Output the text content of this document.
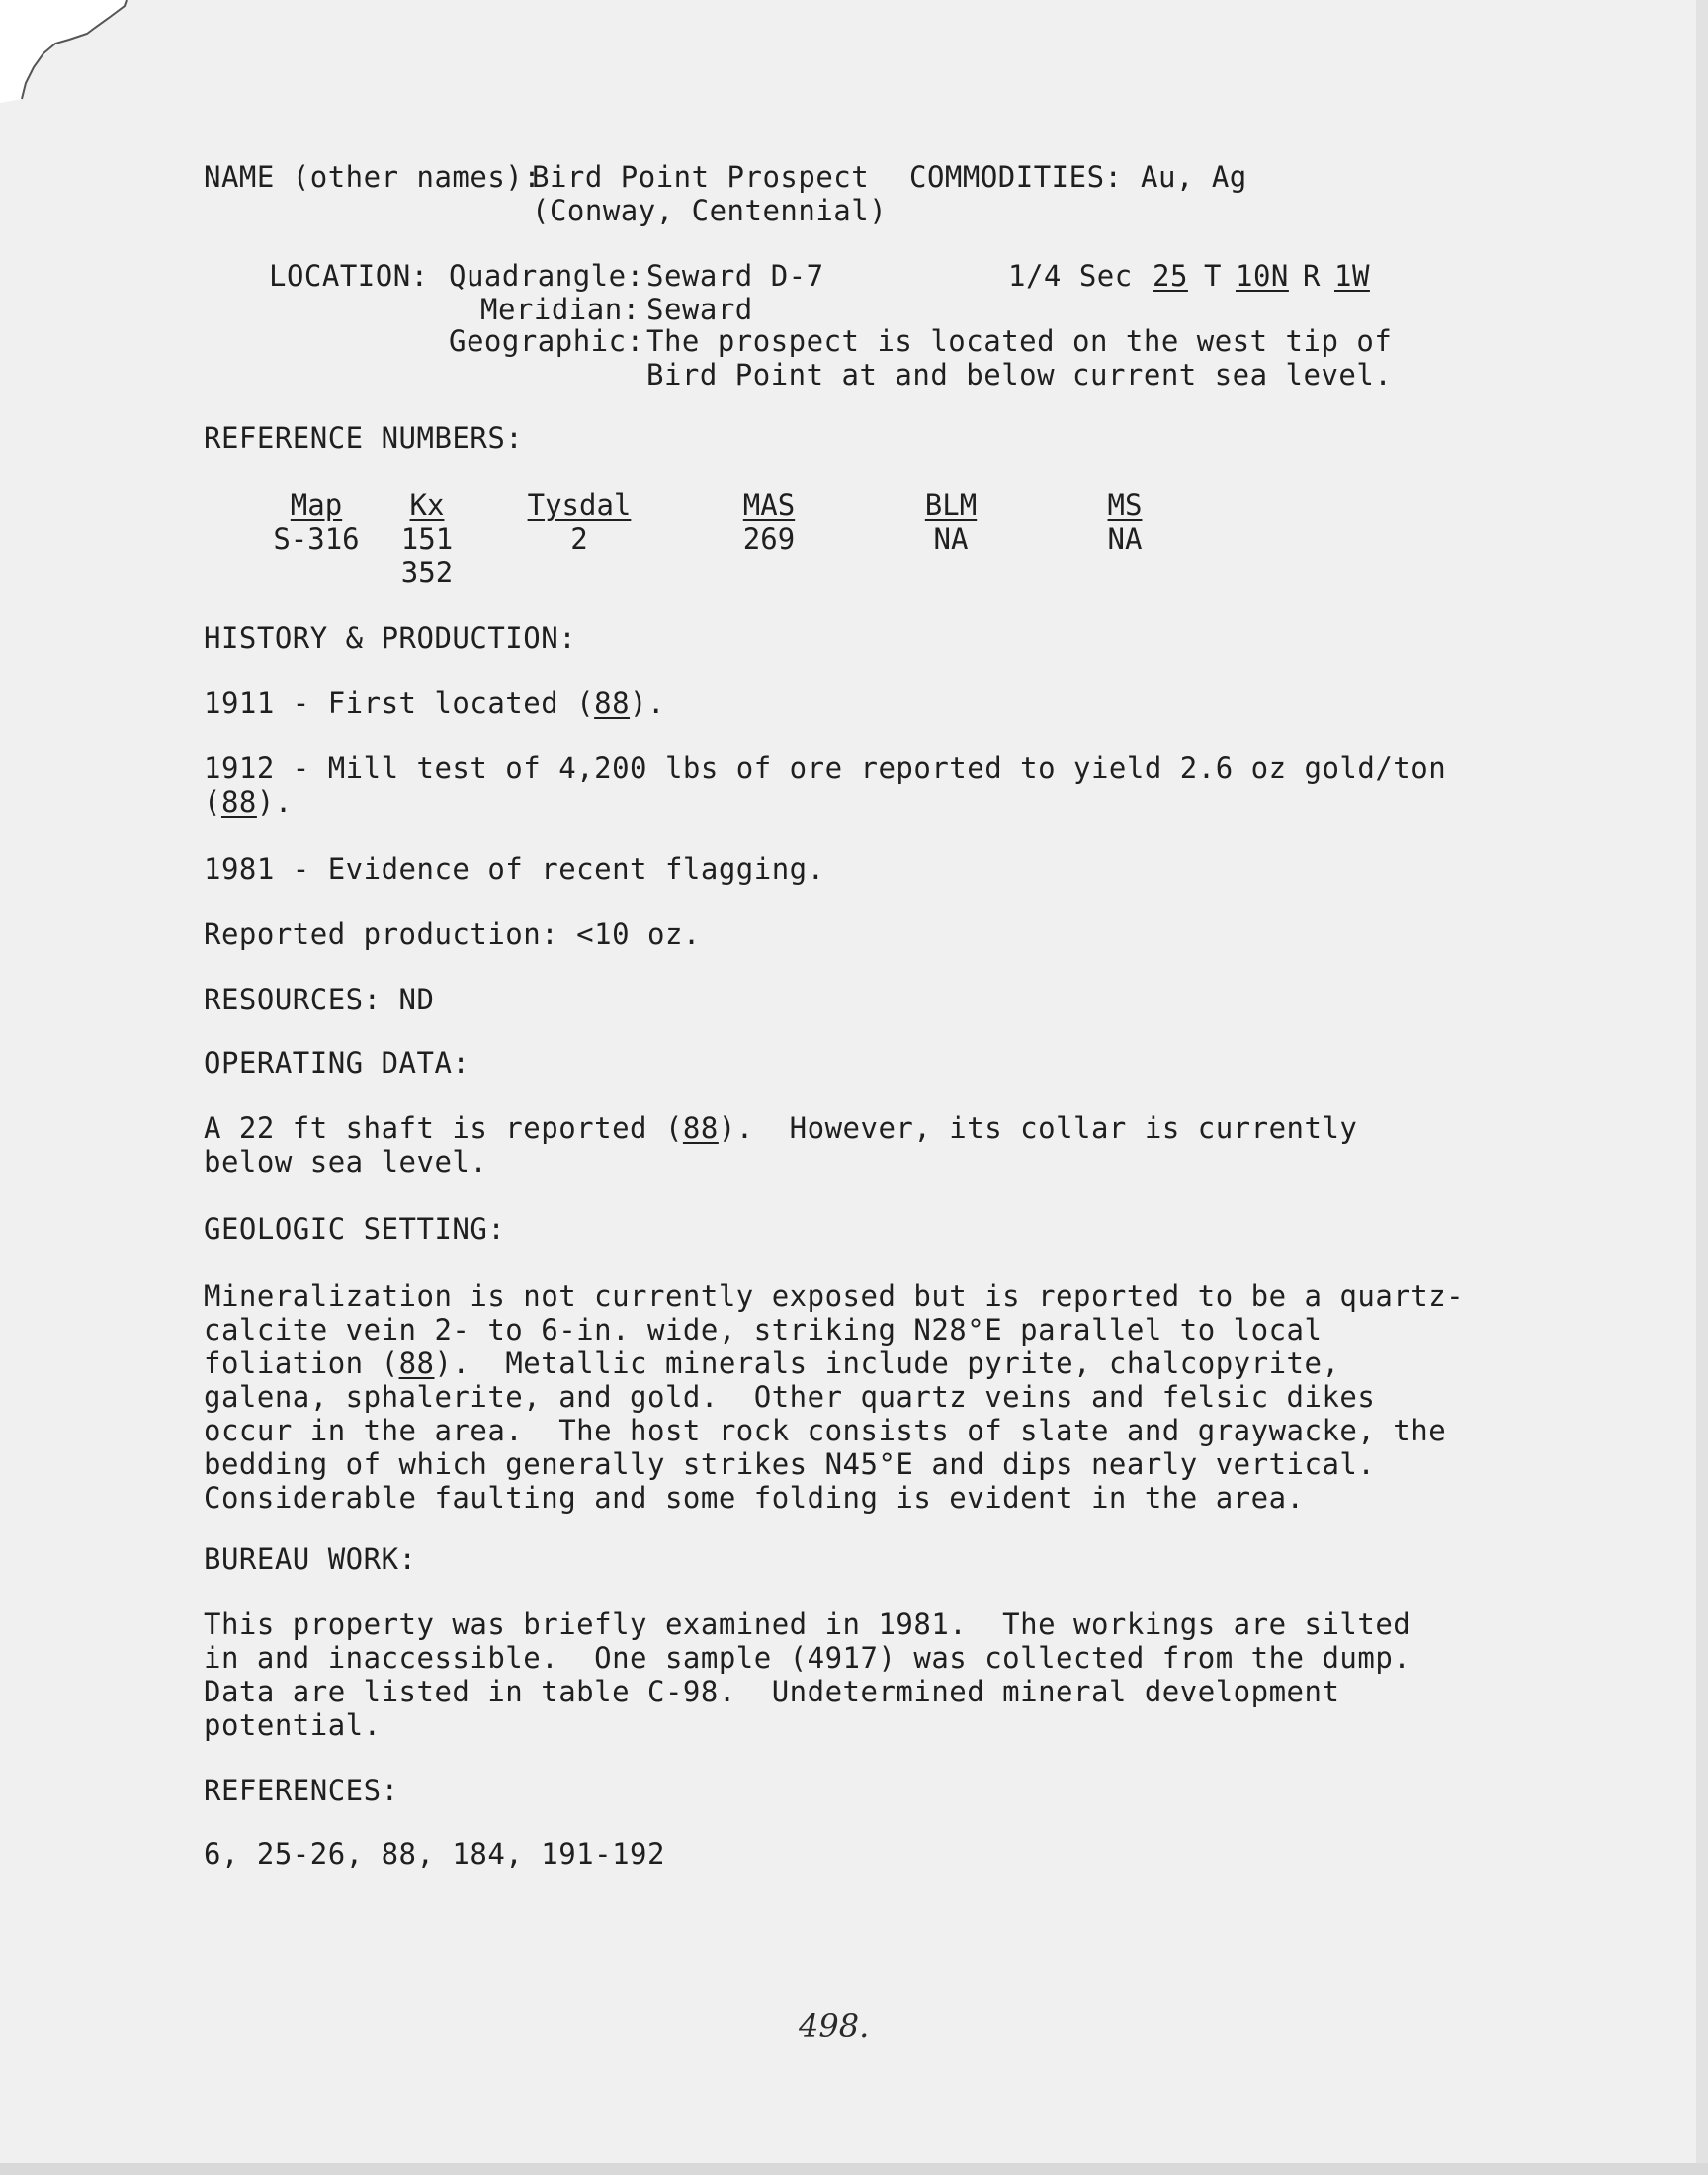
NAME (other names):
Bird Point Prospect
(Conway, Centennial)
COMMODITIES: Au, Ag
LOCATION: Quadrangle: Seward D-7	1/4 Sec 25 T 10N R 1W
Meridian: Seward
Geographic: The prospect is located on the west tip of
Bird Point at and below current sea level.
REFERENCE NUMBERS:
Map
S-316
Kx
151
352
Tysdal
2
MAS
269
BLM
NA
MS
NA
HISTORY & PRODUCTION:
1911 - First located (88).
1912 - Mill test of 4,200 lbs of ore reported to yield 2.6 oz gold/ton
(88).
1981 - Evidence of recent flagging.
Reported production: <10 oz.
RESOURCES: ND
OPERATING DATA:
A 22 ft shaft is reported (88).  However, its collar is currently
below sea level.
GEOLOGIC SETTING:
Mineralization is not currently exposed but is reported to be a quartz-
calcite vein 2- to 6-in. wide, striking N28°E parallel to local
foliation (88).  Metallic minerals include pyrite, chalcopyrite,
galena, sphalerite, and gold.  Other quartz veins and felsic dikes
occur in the area.  The host rock consists of slate and graywacke, the
bedding of which generally strikes N45°E and dips nearly vertical.
Considerable faulting and some folding is evident in the area.
BUREAU WORK:
This property was briefly examined in 1981.  The workings are silted
in and inaccessible.  One sample (4917) was collected from the dump.
Data are listed in table C-98.  Undetermined mineral development
potential.
REFERENCES:
6, 25-26, 88, 184, 191-192
498.
